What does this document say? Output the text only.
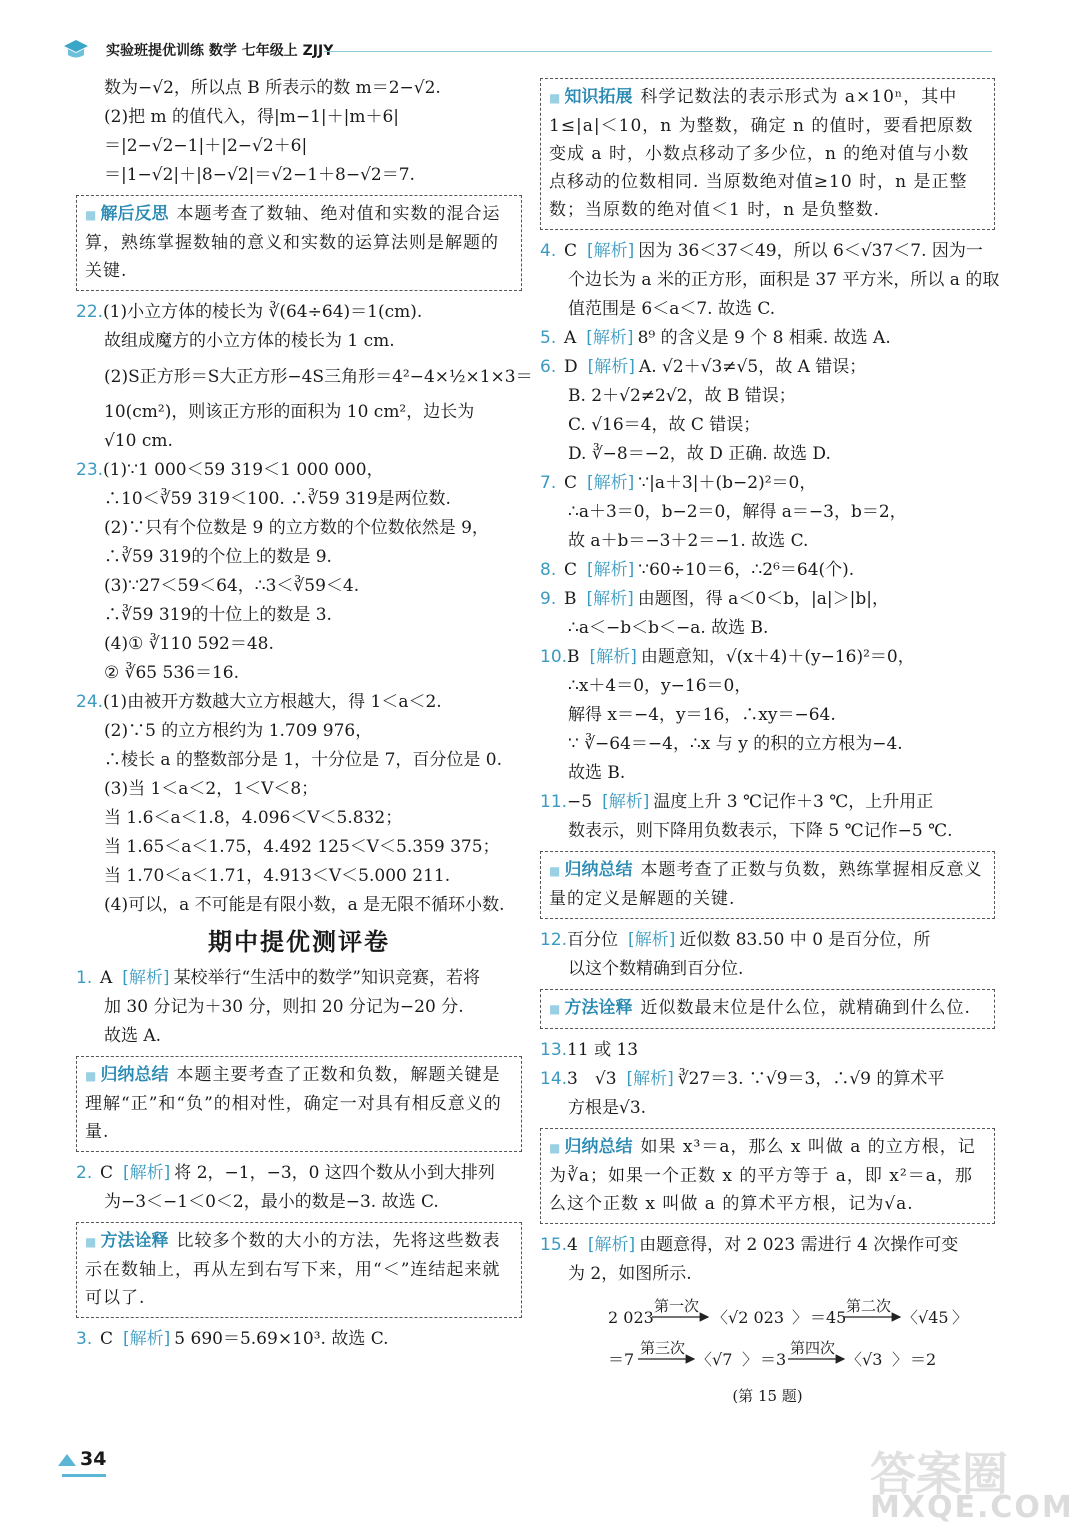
实验班提优训练 数学 七年级上 ZJJY
数为−√2，所以点 B 所表示的数 m＝2−√2.
(2)把 m 的值代入，得|m−1|＋|m＋6|
＝|2−√2−1|＋|2−√2＋6|
＝|1−√2|＋|8−√2|＝√2−1＋8−√2＝7.
■ 解后反思 本题考查了数轴、绝对值和实数的混合运算，熟练掌握数轴的意义和实数的运算法则是解题的关键.
22.(1)小立方体的棱长为 ∛(64÷64)＝1(cm).
故组成魔方的小立方体的棱长为 1 cm.
(2)S正方形＝S大正方形−4S三角形＝4²−4×½×1×3＝
10(cm²)，则该正方形的面积为 10 cm²，边长为
√10 cm.
23.(1)∵1 000＜59 319＜1 000 000，
∴10＜∛59 319＜100. ∴∛59 319是两位数.
(2)∵只有个位数是 9 的立方数的个位数依然是 9，
∴∛59 319的个位上的数是 9.
(3)∵27＜59＜64，∴3＜∛59＜4.
∴∛59 319的十位上的数是 3.
(4)① ∛110 592＝48.
② ∛65 536＝16.
24.(1)由被开方数越大立方根越大，得 1＜a＜2.
(2)∵5 的立方根约为 1.709 976，
∴棱长 a 的整数部分是 1，十分位是 7，百分位是 0.
(3)当 1＜a＜2，1＜V＜8；
当 1.6＜a＜1.8，4.096＜V＜5.832；
当 1.65＜a＜1.75，4.492 125＜V＜5.359 375；
当 1.70＜a＜1.71，4.913＜V＜5.000 211.
(4)可以，a 不可能是有限小数，a 是无限不循环小数.
期中提优测评卷
1. A [ 解析 ] 某校举行“生活中的数学”知识竞赛，若将
加 30 分记为＋30 分，则扣 20 分记为−20 分.
故选 A.
■ 归纳总结 本题主要考查了正数和负数，解题关键是理解“正”和“负”的相对性，确定一对具有相反意义的量.
2. C [ 解析 ] 将 2，−1，−3，0 这四个数从小到大排列
为−3＜−1＜0＜2，最小的数是−3. 故选 C.
■ 方法诠释 比较多个数的大小的方法，先将这些数表示在数轴上，再从左到右写下来，用“＜”连结起来就可以了.
3. C [ 解析 ] 5 690＝5.69×10³. 故选 C.
■ 知识拓展 科学记数法的表示形式为 a×10ⁿ，其中 1≤|a|＜10，n 为整数，确定 n 的值时，要看把原数变成 a 时，小数点移动了多少位，n 的绝对值与小数点移动的位数相同. 当原数绝对值≥10 时，n 是正整数；当原数的绝对值＜1 时，n 是负整数.
4. C [ 解析 ] 因为 36＜37＜49，所以 6＜√37＜7. 因为一
个边长为 a 米的正方形，面积是 37 平方米，所以 a 的取
值范围是 6＜a＜7. 故选 C.
5. A [ 解析 ] 8⁹ 的含义是 9 个 8 相乘. 故选 A.
6. D [ 解析 ] A. √2＋√3≠√5，故 A 错误；
B. 2＋√2≠2√2，故 B 错误；
C. √16＝4，故 C 错误；
D. ∛−8＝−2，故 D 正确. 故选 D.
7. C [ 解析 ] ∵|a＋3|＋(b−2)²＝0，
∴a＋3＝0，b−2＝0，解得 a＝−3，b＝2，
故 a＋b＝−3＋2＝−1. 故选 C.
8. C [ 解析 ] ∵60÷10＝6，∴2⁶＝64(个).
9. B [ 解析 ] 由题图，得 a＜0＜b，|a|＞|b|，
∴a＜−b＜b＜−a. 故选 B.
10.B [ 解析 ] 由题意知，√(x＋4)＋(y−16)²＝0，
∴x＋4＝0，y−16＝0，
解得 x＝−4，y＝16，∴xy＝−64.
∵ ∛−64＝−4，∴x 与 y 的积的立方根为−4.
故选 B.
11.−5 [ 解析 ] 温度上升 3 ℃记作＋3 ℃，上升用正
数表示，则下降用负数表示，下降 5 ℃记作−5 ℃.
■ 归纳总结 本题考查了正数与负数，熟练掌握相反意义量的定义是解题的关键.
12.百分位 [ 解析 ] 近似数 83.50 中 0 是百分位，所
以这个数精确到百分位.
■ 方法诠释 近似数最末位是什么位，就精确到什么位.
13.11 或 13
14.3　√3 [ 解析 ] ∛27＝3. ∵√9＝3，∴√9 的算术平
方根是√3.
■ 归纳总结 如果 x³＝a，那么 x 叫做 a 的立方根，记为∛a；如果一个正数 x 的平方等于 a，即 x²＝a，那么这个正数 x 叫做 a 的算术平方根，记为√a.
15.4 [ 解析 ] 由题意得，对 2 023 需进行 4 次操作可变
为 2，如图所示.
2 023
第一次
〈 √2 023 〉 ＝45
第二次
〈 √45 〉
＝7
第三次
〈 √7 〉 ＝3
第四次
〈 √3 〉 ＝2
(第 15 题)
34	答案圈
MXQE.COM
